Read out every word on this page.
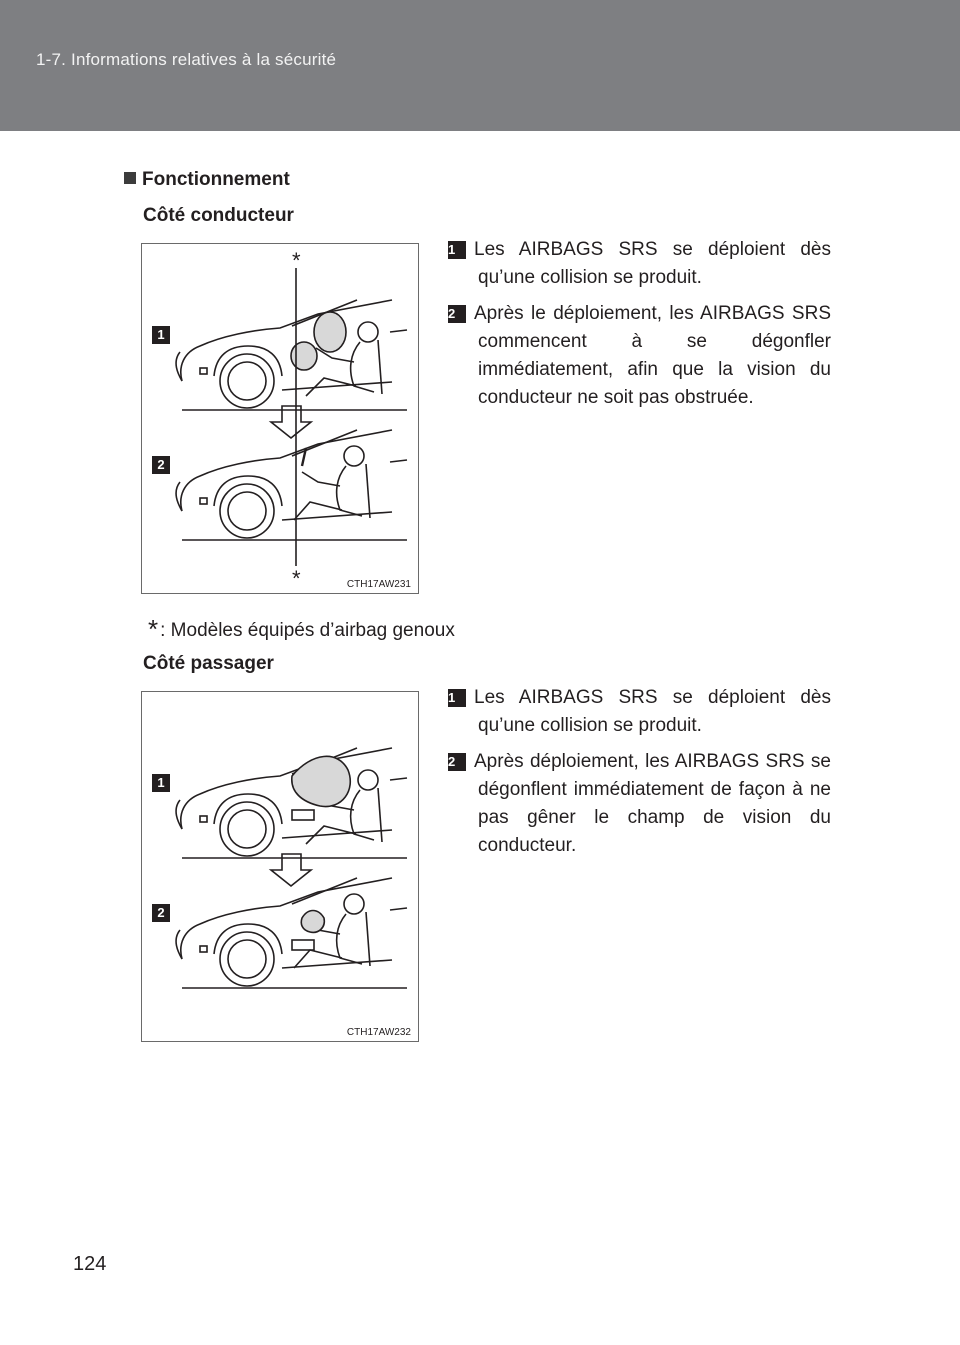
1-7. Informations relatives à la sécurité
Fonctionnement
Côté conducteur
*
*
1
2
CTH17AW231
1 Les AIRBAGS SRS se déploient dès qu’une collision se produit.
2 Après le déploiement, les AIRBAGS SRS commencent à se dégonfler immédiatement, afin que la vision du conducteur ne soit pas obstruée.
* : Modèles équipés d’airbag genoux
Côté passager
1
2
CTH17AW232
1 Les AIRBAGS SRS se déploient dès qu’une collision se produit.
2 Après déploiement, les AIRBAGS SRS se dégonflent immédiatement de façon à ne pas gêner le champ de vision du conducteur.
124
